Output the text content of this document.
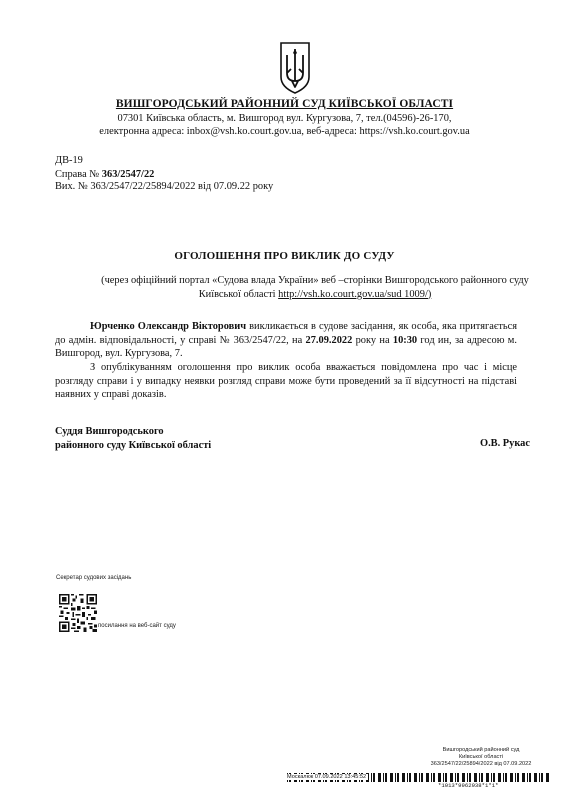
ВИШГОРОДСЬКИЙ РАЙОННИЙ СУД КИЇВСЬКОЇ ОБЛАСТІ
07301 Київська область, м. Вишгород вул. Кургузова, 7, тел.(04596)-26-170,
електронна адреса: inbox@vsh.ko.court.gov.ua, веб-адреса: https://vsh.ko.court.gov.ua
ДВ-19
Справа № 363/2547/22
Вих. № 363/2547/22/25894/2022 від 07.09.22 року
ОГОЛОШЕННЯ ПРО ВИКЛИК ДО СУДУ
(через офіційний портал «Судова влада України» веб –сторінки Вишгородського районного суду Київської області http://vsh.ko.court.gov.ua/sud 1009/)
Юрченко Олександр Вікторович викликається в судове засідання, як особа, яка притягається до адмін. відповідальності, у справі № 363/2547/22, на 27.09.2022 року на 10:30 год ин, за адресою м. Вишгород, вул. Кургузова, 7.
З опублікуванням оголошення про виклик особа вважається повідомлена про час і місце розгляду справи і у випадку неявки розгляд справи може бути проведений за її відсутності на підставі наявних у справі доказів.
Суддя Вишгородського
районного суду Київської області	О.В. Рукас
Секретар судових засідань
посилання на веб-сайт суду
Вишгородський районний суд
Київської області
363/2547/22/25894/2022 від 07.09.2022
Москалюк 07.09.2022 13:45:52
*1013*9962938*1*1*
